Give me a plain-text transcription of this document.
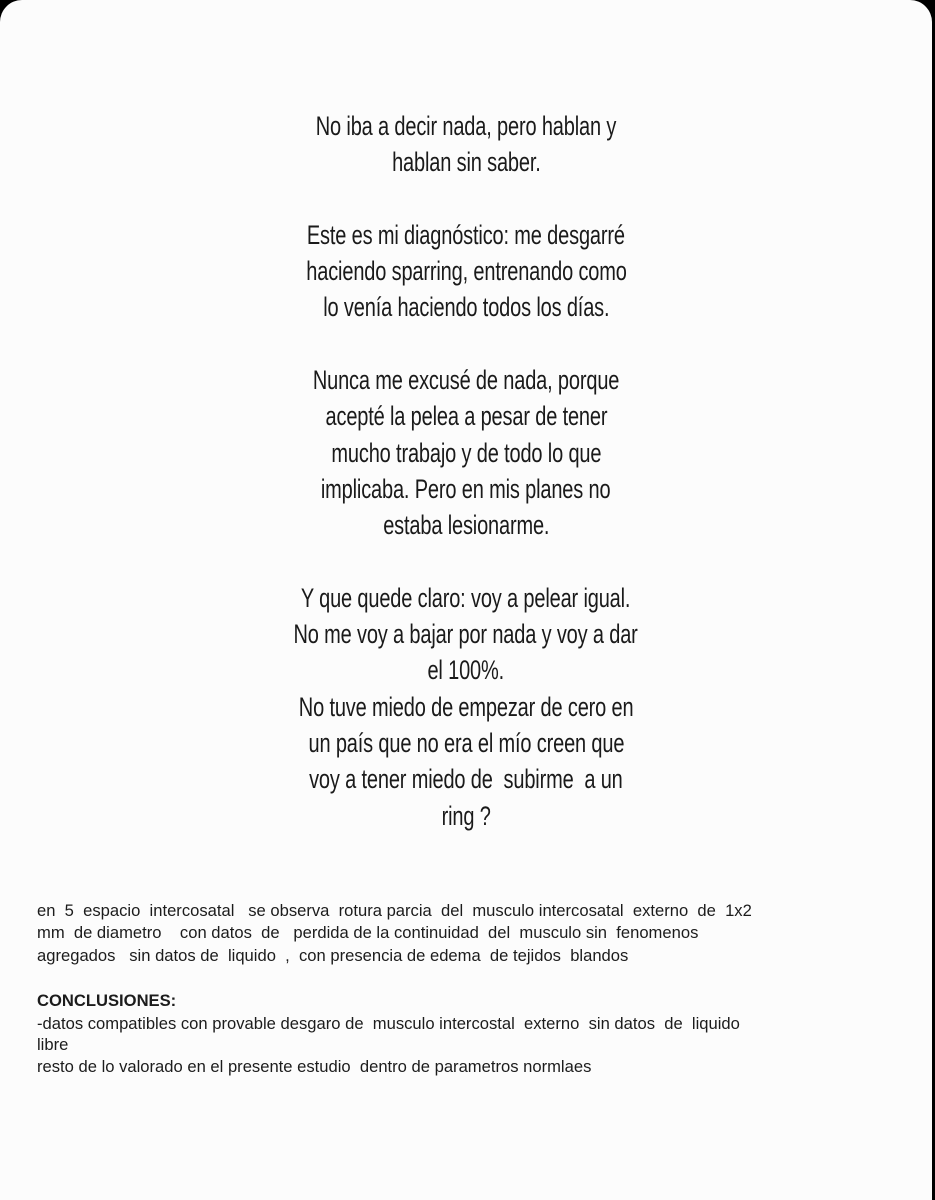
No iba a decir nada, pero hablan y
hablan sin saber.
Este es mi diagnóstico: me desgarré
haciendo sparring, entrenando como
lo venía haciendo todos los días.
Nunca me excusé de nada, porque
acepté la pelea a pesar de tener
mucho trabajo y de todo lo que
implicaba. Pero en mis planes no
estaba lesionarme.
Y que quede claro: voy a pelear igual.
No me voy a bajar por nada y voy a dar
el 100%.
No tuve miedo de empezar de cero en
un país que no era el mío creen que
voy a tener miedo de  subirme  a un
ring ?
en  5  espacio  intercosatal   se observa  rotura parcia  del  musculo intercosatal  externo  de  1x2
mm  de diametro    con datos  de   perdida de la continuidad  del  musculo sin  fenomenos
agregados   sin datos de  liquido  ,  con presencia de edema  de tejidos  blandos
CONCLUSIONES:
-datos compatibles con provable desgaro de  musculo intercostal  externo  sin datos  de  liquido
libre
resto de lo valorado en el presente estudio  dentro de parametros normlaes
